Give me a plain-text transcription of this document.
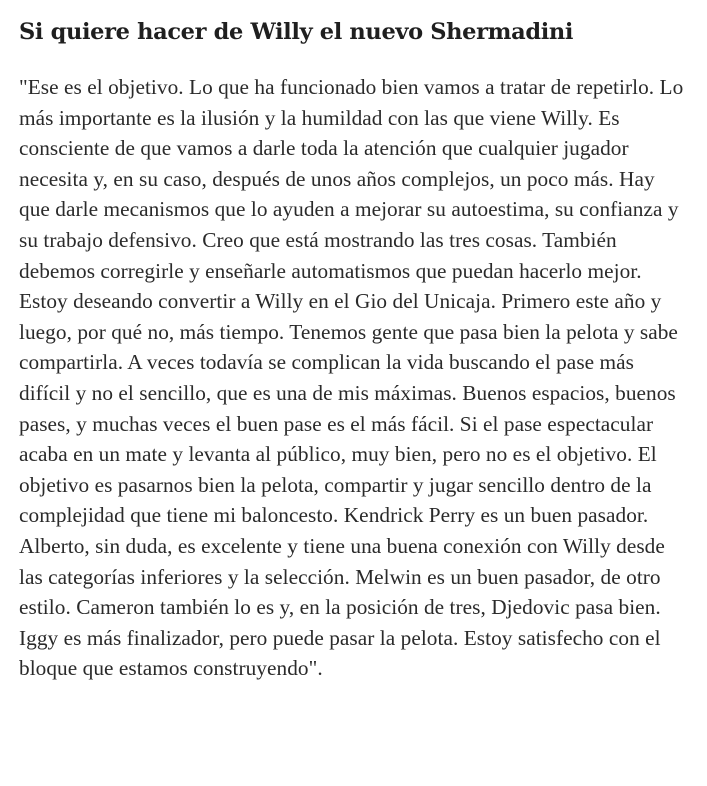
Si quiere hacer de Willy el nuevo Shermadini

"Ese es el objetivo. Lo que ha funcionado bien vamos a tratar de repetirlo. Lo más importante es la ilusión y la humildad con las que viene Willy. Es consciente de que vamos a darle toda la atención que cualquier jugador necesita y, en su caso, después de unos años complejos, un poco más. Hay que darle mecanismos que lo ayuden a mejorar su autoestima, su confianza y su trabajo defensivo. Creo que está mostrando las tres cosas. También debemos corregirle y enseñarle automatismos que puedan hacerlo mejor. Estoy deseando convertir a Willy en el Gio del Unicaja. Primero este año y luego, por qué no, más tiempo. Tenemos gente que pasa bien la pelota y sabe compartirla. A veces todavía se complican la vida buscando el pase más difícil y no el sencillo, que es una de mis máximas. Buenos espacios, buenos pases, y muchas veces el buen pase es el más fácil. Si el pase espectacular acaba en un mate y levanta al público, muy bien, pero no es el objetivo. El objetivo es pasarnos bien la pelota, compartir y jugar sencillo dentro de la complejidad que tiene mi baloncesto. Kendrick Perry es un buen pasador. Alberto, sin duda, es excelente y tiene una buena conexión con Willy desde las categorías inferiores y la selección. Melwin es un buen pasador, de otro estilo. Cameron también lo es y, en la posición de tres, Djedovic pasa bien. Iggy es más finalizador, pero puede pasar la pelota. Estoy satisfecho con el bloque que estamos construyendo".
